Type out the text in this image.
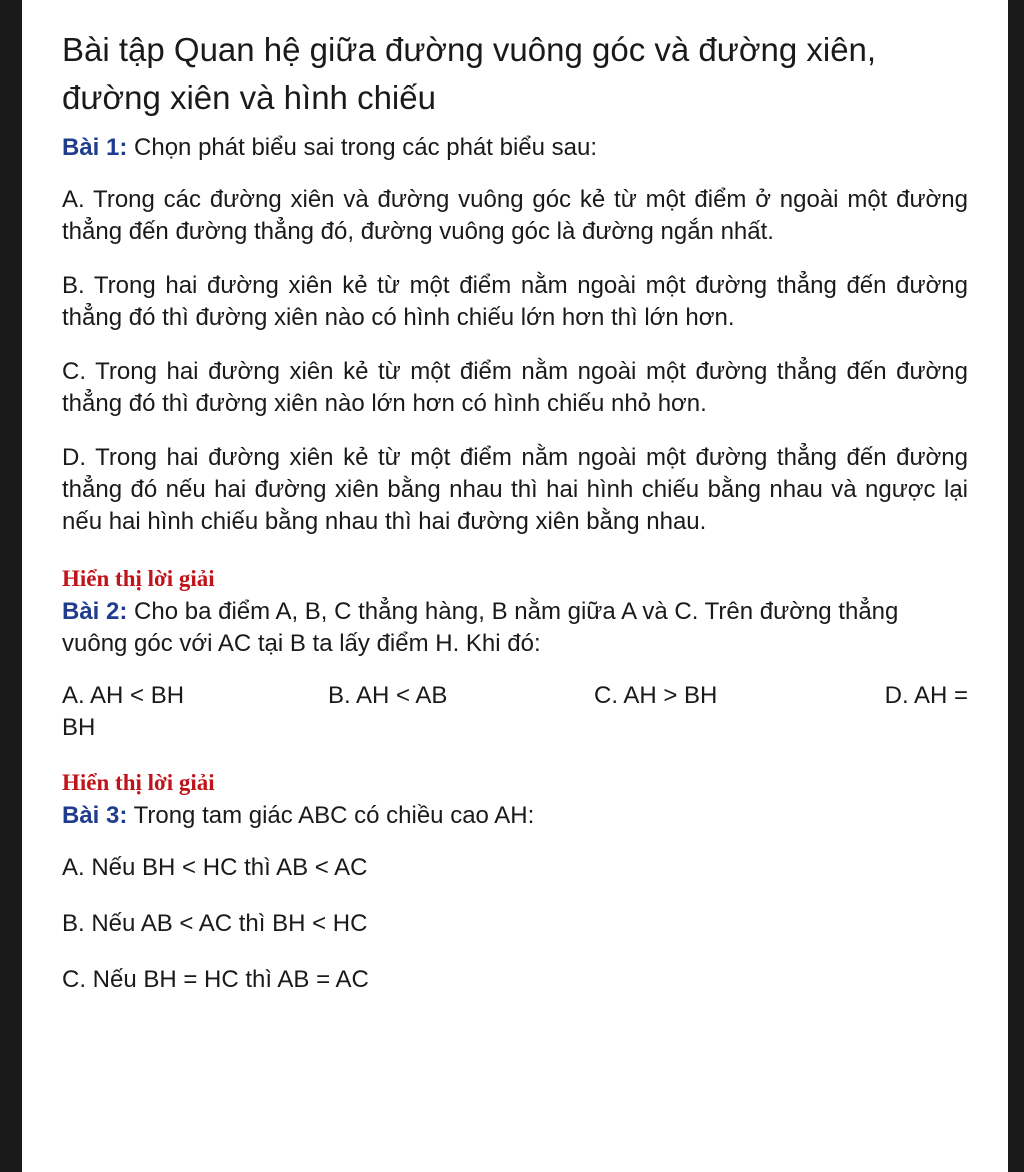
Bài tập Quan hệ giữa đường vuông góc và đường xiên, đường xiên và hình chiếu

Bài 1: Chọn phát biểu sai trong các phát biểu sau:

A. Trong các đường xiên và đường vuông góc kẻ từ một điểm ở ngoài một đường thẳng đến đường thẳng đó, đường vuông góc là đường ngắn nhất.

B. Trong hai đường xiên kẻ từ một điểm nằm ngoài một đường thẳng đến đường thẳng đó thì đường xiên nào có hình chiếu lớn hơn thì lớn hơn.

C. Trong hai đường xiên kẻ từ một điểm nằm ngoài một đường thẳng đến đường thẳng đó thì đường xiên nào lớn hơn có hình chiếu nhỏ hơn.

D. Trong hai đường xiên kẻ từ một điểm nằm ngoài một đường thẳng đến đường thẳng đó nếu hai đường xiên bằng nhau thì hai hình chiếu bằng nhau và ngược lại nếu hai hình chiếu bằng nhau thì hai đường xiên bằng nhau.

Hiển thị lời giải

Bài 2: Cho ba điểm A, B, C thẳng hàng, B nằm giữa A và C. Trên đường thẳng vuông góc với AC tại B ta lấy điểm H. Khi đó:

A. AH < BH	B. AH < AB	C. AH > BH	D. AH =
BH
Hiển thị lời giải

Bài 3: Trong tam giác ABC có chiều cao AH:

A. Nếu BH < HC thì AB < AC

B. Nếu AB < AC thì BH < HC

C. Nếu BH = HC thì AB = AC
